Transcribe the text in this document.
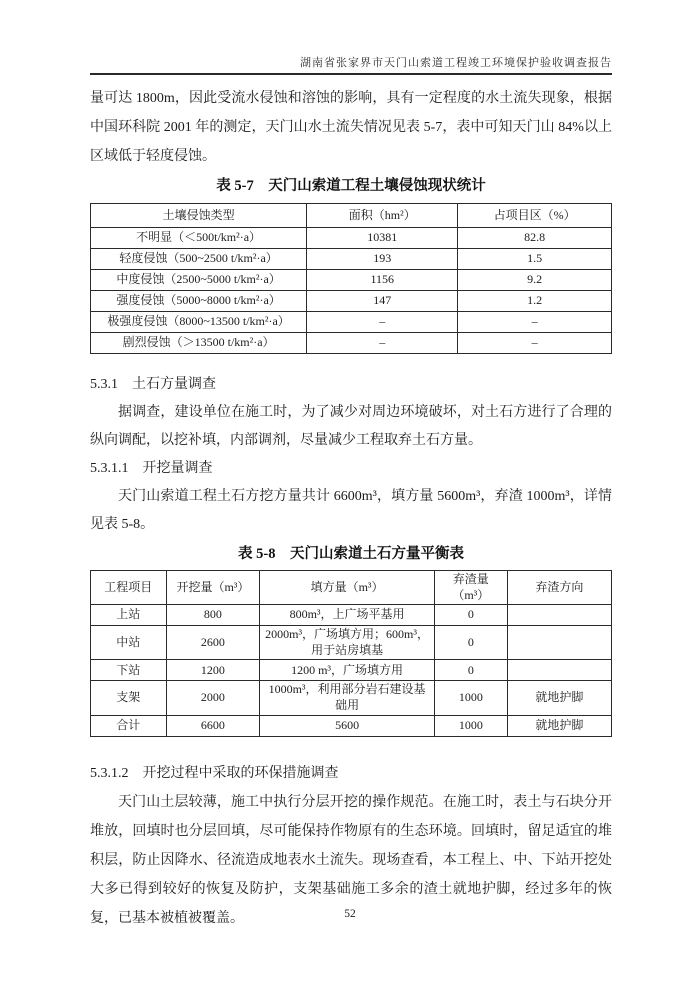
湖南省张家界市天门山索道工程竣工环境保护验收调查报告

量可达 1800m，因此受流水侵蚀和溶蚀的影响，具有一定程度的水土流失现象，根据中国环科院 2001 年的测定，天门山水土流失情况见表 5-7，表中可知天门山 84%以上区域低于轻度侵蚀。

表 5-7　天门山索道工程土壤侵蚀现状统计
土壤侵蚀类型	面积（hm²）	占项目区（%）
不明显（＜500t/km²·a）	10381	82.8
轻度侵蚀（500~2500 t/km²·a）	193	1.5
中度侵蚀（2500~5000 t/km²·a）	1156	9.2
强度侵蚀（5000~8000 t/km²·a）	147	1.2
极强度侵蚀（8000~13500 t/km²·a）	–	–
剧烈侵蚀（＞13500 t/km²·a）	–	–
5.3.1　土石方量调查

据调查，建设单位在施工时，为了减少对周边环境破坏，对土石方进行了合理的纵向调配，以挖补填，内部调剂，尽量减少工程取弃土石方量。

5.3.1.1　开挖量调查

天门山索道工程土石方挖方量共计 6600m³，填方量 5600m³，弃渣 1000m³，详情见表 5-8。

表 5-8　天门山索道土石方量平衡表
工程项目	开挖量（m³）	填方量（m³）	弃渣量（m³）	弃渣方向
上站	800	800m³，上广场平基用	0	
中站	2600	2000m³，广场填方用；600m³，用于站房填基	0	
下站	1200	1200 m³，广场填方用	0	
支架	2000	1000m³，利用部分岩石建设基础用	1000	就地护脚
合计	6600	5600	1000	就地护脚
5.3.1.2　开挖过程中采取的环保措施调查

天门山土层较薄，施工中执行分层开挖的操作规范。在施工时，表土与石块分开堆放，回填时也分层回填，尽可能保持作物原有的生态环境。回填时，留足适宜的堆积层，防止因降水、径流造成地表水土流失。现场查看，本工程上、中、下站开挖处大多已得到较好的恢复及防护，支架基础施工多余的渣土就地护脚，经过多年的恢复，已基本被植被覆盖。	52
